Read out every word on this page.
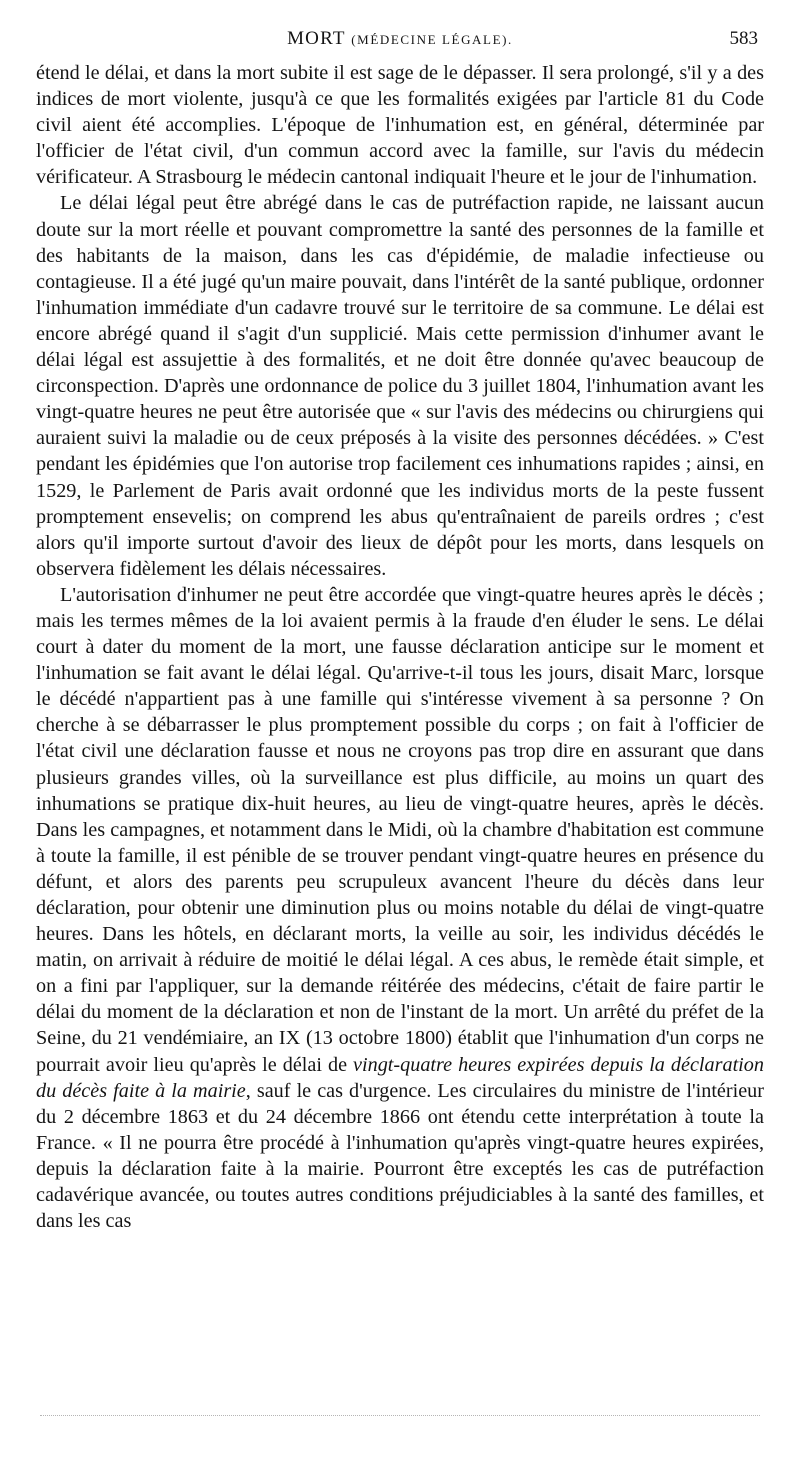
MORT (MÉDECINE LÉGALE).	583

étend le délai, et dans la mort subite il est sage de le dépasser. Il sera prolongé, s'il y a des indices de mort violente, jusqu'à ce que les formalités exigées par l'article 81 du Code civil aient été accomplies. L'époque de l'inhumation est, en général, déterminée par l'officier de l'état civil, d'un commun accord avec la famille, sur l'avis du médecin vérificateur. A Strasbourg le médecin cantonal indiquait l'heure et le jour de l'inhumation.

Le délai légal peut être abrégé dans le cas de putréfaction rapide, ne laissant aucun doute sur la mort réelle et pouvant compromettre la santé des personnes de la famille et des habitants de la maison, dans les cas d'épidémie, de maladie infectieuse ou contagieuse. Il a été jugé qu'un maire pouvait, dans l'intérêt de la santé publique, ordonner l'inhumation immédiate d'un cadavre trouvé sur le territoire de sa commune. Le délai est encore abrégé quand il s'agit d'un supplicié. Mais cette permission d'inhumer avant le délai légal est assujettie à des formalités, et ne doit être donnée qu'avec beaucoup de circonspection. D'après une ordonnance de police du 3 juillet 1804, l'inhumation avant les vingt-quatre heures ne peut être autorisée que « sur l'avis des médecins ou chirurgiens qui auraient suivi la maladie ou de ceux préposés à la visite des personnes décédées. » C'est pendant les épidémies que l'on autorise trop facilement ces inhumations rapides ; ainsi, en 1529, le Parlement de Paris avait ordonné que les individus morts de la peste fussent promptement ensevelis; on comprend les abus qu'entraînaient de pareils ordres ; c'est alors qu'il importe surtout d'avoir des lieux de dépôt pour les morts, dans lesquels on observera fidèlement les délais nécessaires.

L'autorisation d'inhumer ne peut être accordée que vingt-quatre heures après le décès ; mais les termes mêmes de la loi avaient permis à la fraude d'en éluder le sens. Le délai court à dater du moment de la mort, une fausse déclaration anticipe sur le moment et l'inhumation se fait avant le délai légal. Qu'arrive-t-il tous les jours, disait Marc, lorsque le décédé n'appartient pas à une famille qui s'intéresse vivement à sa personne ? On cherche à se débarrasser le plus promptement possible du corps ; on fait à l'officier de l'état civil une déclaration fausse et nous ne croyons pas trop dire en assurant que dans plusieurs grandes villes, où la surveillance est plus difficile, au moins un quart des inhumations se pratique dix-huit heures, au lieu de vingt-quatre heures, après le décès. Dans les campagnes, et notamment dans le Midi, où la chambre d'habitation est commune à toute la famille, il est pénible de se trouver pendant vingt-quatre heures en présence du défunt, et alors des parents peu scrupuleux avancent l'heure du décès dans leur déclaration, pour obtenir une diminution plus ou moins notable du délai de vingt-quatre heures. Dans les hôtels, en déclarant morts, la veille au soir, les individus décédés le matin, on arrivait à réduire de moitié le délai légal. A ces abus, le remède était simple, et on a fini par l'appliquer, sur la demande réitérée des médecins, c'était de faire partir le délai du moment de la déclaration et non de l'instant de la mort. Un arrêté du préfet de la Seine, du 21 vendémiaire, an IX (13 octobre 1800) établit que l'inhumation d'un corps ne pourrait avoir lieu qu'après le délai de vingt-quatre heures expirées depuis la déclaration du décès faite à la mairie, sauf le cas d'urgence. Les circulaires du ministre de l'intérieur du 2 décembre 1863 et du 24 décembre 1866 ont étendu cette interprétation à toute la France. « Il ne pourra être procédé à l'inhumation qu'après vingt-quatre heures expirées, depuis la déclaration faite à la mairie. Pourront être exceptés les cas de putréfaction cadavérique avancée, ou toutes autres conditions préjudiciables à la santé des familles, et dans les cas
